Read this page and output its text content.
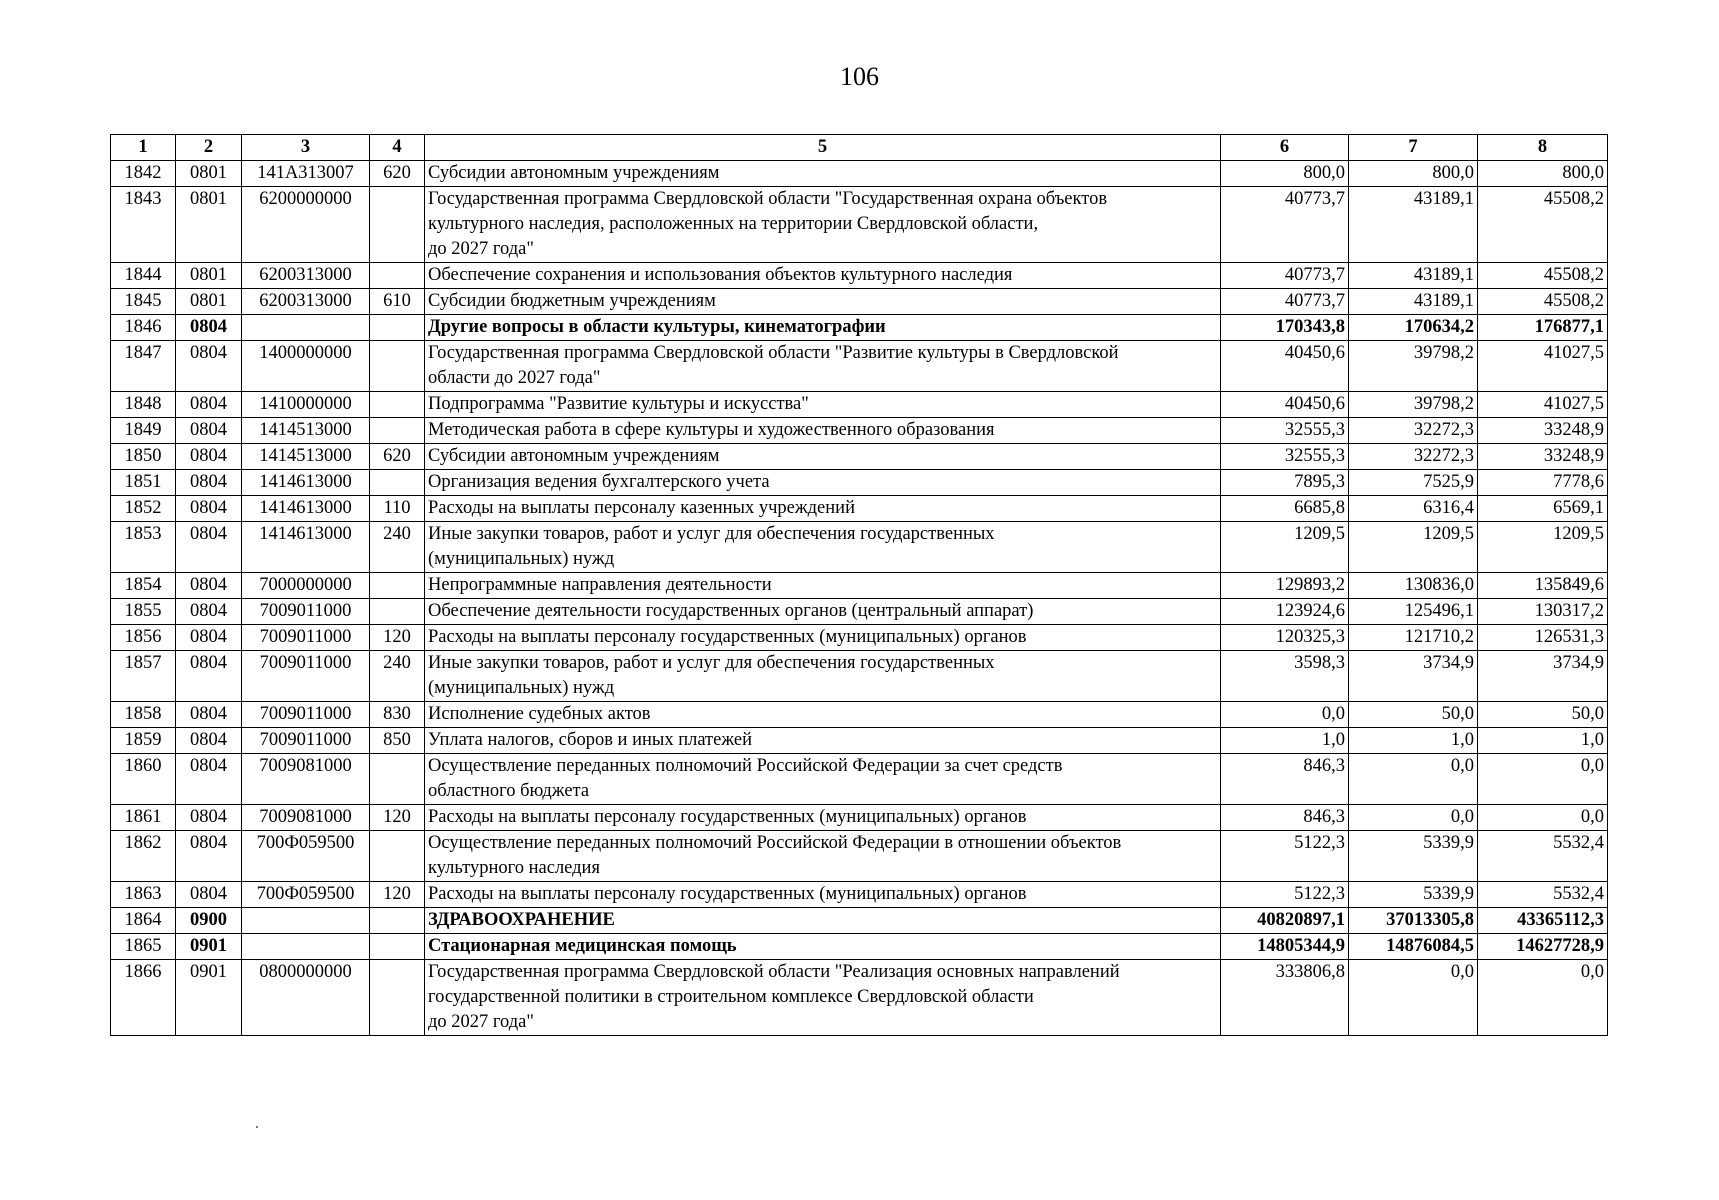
106
1	2	3	4	5	6	7	8
1842	0801	141A313007	620	Субсидии автономным учреждениям	800,0	800,0	800,0
1843	0801	6200000000		Государственная программа Свердловской области "Государственная охрана объектов
культурного наследия, расположенных на территории Свердловской области,
до 2027 года"	40773,7	43189,1	45508,2
1844	0801	6200313000		Обеспечение сохранения и использования объектов культурного наследия	40773,7	43189,1	45508,2
1845	0801	6200313000	610	Субсидии бюджетным учреждениям	40773,7	43189,1	45508,2
1846	0804			Другие вопросы в области культуры, кинематографии	170343,8	170634,2	176877,1
1847	0804	1400000000		Государственная программа Свердловской области "Развитие культуры в Свердловской
области до 2027 года"	40450,6	39798,2	41027,5
1848	0804	1410000000		Подпрограмма "Развитие культуры и искусства"	40450,6	39798,2	41027,5
1849	0804	1414513000		Методическая работа в сфере культуры и художественного образования	32555,3	32272,3	33248,9
1850	0804	1414513000	620	Субсидии автономным учреждениям	32555,3	32272,3	33248,9
1851	0804	1414613000		Организация ведения бухгалтерского учета	7895,3	7525,9	7778,6
1852	0804	1414613000	110	Расходы на выплаты персоналу казенных учреждений	6685,8	6316,4	6569,1
1853	0804	1414613000	240	Иные закупки товаров, работ и услуг для обеспечения государственных
(муниципальных) нужд	1209,5	1209,5	1209,5
1854	0804	7000000000		Непрограммные направления деятельности	129893,2	130836,0	135849,6
1855	0804	7009011000		Обеспечение деятельности государственных органов (центральный аппарат)	123924,6	125496,1	130317,2
1856	0804	7009011000	120	Расходы на выплаты персоналу государственных (муниципальных) органов	120325,3	121710,2	126531,3
1857	0804	7009011000	240	Иные закупки товаров, работ и услуг для обеспечения государственных
(муниципальных) нужд	3598,3	3734,9	3734,9
1858	0804	7009011000	830	Исполнение судебных актов	0,0	50,0	50,0
1859	0804	7009011000	850	Уплата налогов, сборов и иных платежей	1,0	1,0	1,0
1860	0804	7009081000		Осуществление переданных полномочий Российской Федерации за счет средств
областного бюджета	846,3	0,0	0,0
1861	0804	7009081000	120	Расходы на выплаты персоналу государственных (муниципальных) органов	846,3	0,0	0,0
1862	0804	700Ф059500		Осуществление переданных полномочий Российской Федерации в отношении объектов
культурного наследия	5122,3	5339,9	5532,4
1863	0804	700Ф059500	120	Расходы на выплаты персоналу государственных (муниципальных) органов	5122,3	5339,9	5532,4
1864	0900			ЗДРАВООХРАНЕНИЕ	40820897,1	37013305,8	43365112,3
1865	0901			Стационарная медицинская помощь	14805344,9	14876084,5	14627728,9
1866	0901	0800000000		Государственная программа Свердловской области "Реализация основных направлений
государственной политики в строительном комплексе Свердловской области
до 2027 года"	333806,8	0,0	0,0
